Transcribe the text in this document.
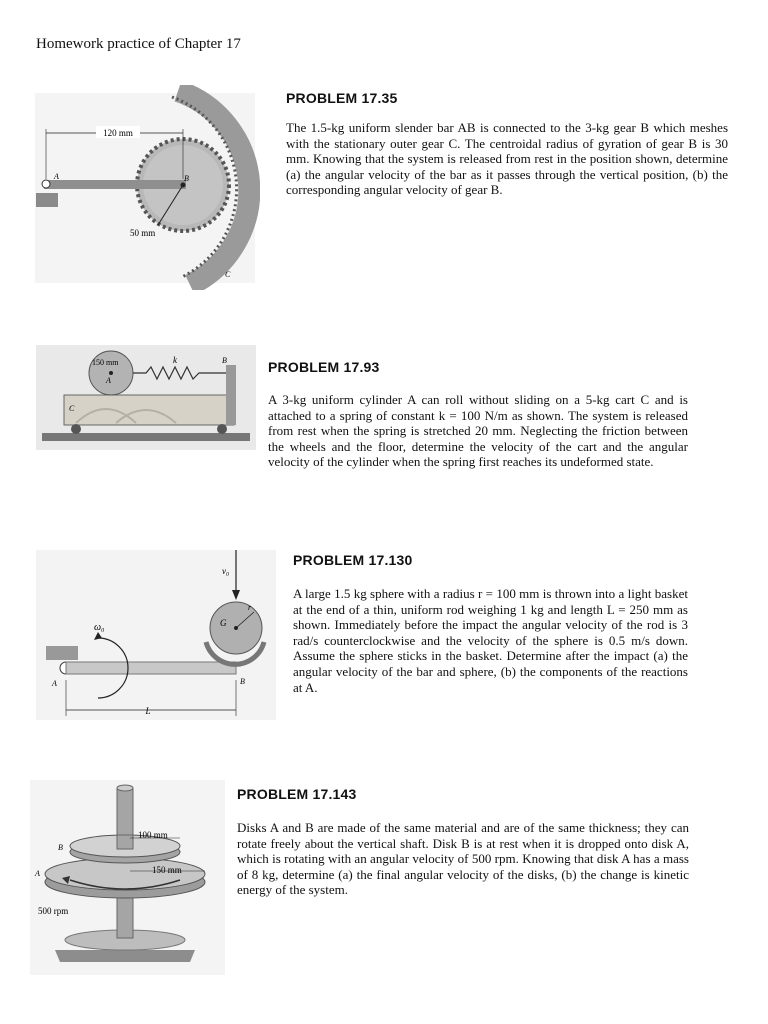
Homework practice of Chapter 17
120 mm
A	B
50 mm
C
PROBLEM 17.35
The 1.5-kg uniform slender bar AB is connected to the 3-kg gear B which meshes with the stationary outer gear C. The centroidal radius of gyration of gear B is 30 mm. Knowing that the system is released from rest in the position shown, determine (a) the angular velocity of the bar as it passes through the vertical position, (b) the corresponding angular velocity of gear B.
150 mm
A
k	B
C
PROBLEM 17.93
A 3-kg uniform cylinder A can roll without sliding on a 5-kg cart C and is attached to a spring of constant k = 100 N/m as shown. The system is released from rest when the spring is stretched 20 mm. Neglecting the friction between the wheels and the floor, determine the velocity of the cart and the angular velocity of the cylinder when the spring first reaches its undeformed state.
v₀
ω₀	G
r
A	B
L
PROBLEM 17.130
A large 1.5 kg sphere with a radius r = 100 mm is thrown into a light basket at the end of a thin, uniform rod weighing 1 kg and length L = 250 mm as shown. Immediately before the impact the angular velocity of the rod is 3 rad/s counterclockwise and the velocity of the sphere is 0.5 m/s down. Assume the sphere sticks in the basket. Determine after the impact (a) the angular velocity of the bar and sphere, (b) the components of the reactions at A.
100 mm
150 mm
B
A
500 rpm
PROBLEM 17.143
Disks A and B are made of the same material and are of the same thickness; they can rotate freely about the vertical shaft. Disk B is at rest when it is dropped onto disk A, which is rotating with an angular velocity of 500 rpm. Knowing that disk A has a mass of 8 kg, determine (a) the final angular velocity of the disks, (b) the change is kinetic energy of the system.
